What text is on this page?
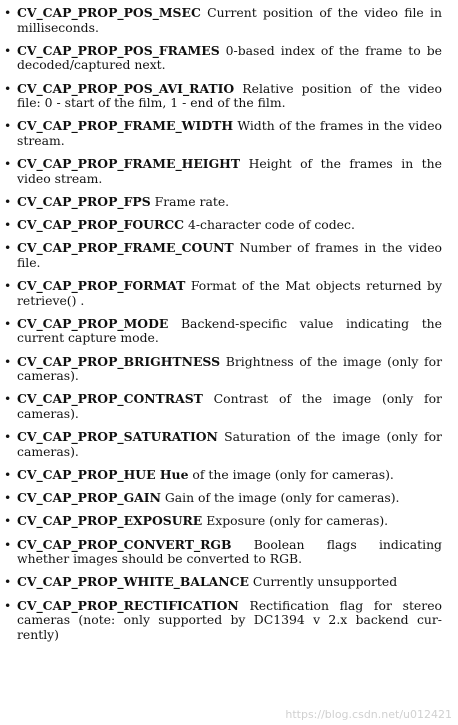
• CV_CAP_PROP_POS_MSEC Current position of the video file in milliseconds.
• CV_CAP_PROP_POS_FRAMES 0-based index of the frame to be decoded/captured next.
• CV_CAP_PROP_POS_AVI_RATIO Relative position of the video file: 0 - start of the film, 1 - end of the film.
• CV_CAP_PROP_FRAME_WIDTH Width of the frames in the video stream.
• CV_CAP_PROP_FRAME_HEIGHT Height of the frames in the video stream.
• CV_CAP_PROP_FPS Frame rate.
• CV_CAP_PROP_FOURCC 4-character code of codec.
• CV_CAP_PROP_FRAME_COUNT Number of frames in the video file.
• CV_CAP_PROP_FORMAT Format of the Mat objects returned by retrieve() .
• CV_CAP_PROP_MODE Backend-specific value indicating the current capture mode.
• CV_CAP_PROP_BRIGHTNESS Brightness of the image (only for cameras).
• CV_CAP_PROP_CONTRAST Contrast of the image (only for cameras).
• CV_CAP_PROP_SATURATION Saturation of the image (only for cameras).
• CV_CAP_PROP_HUE Hue of the image (only for cameras).
• CV_CAP_PROP_GAIN Gain of the image (only for cameras).
• CV_CAP_PROP_EXPOSURE Exposure (only for cameras).
• CV_CAP_PROP_CONVERT_RGB Boolean flags indicating whether images should be converted to RGB.
• CV_CAP_PROP_WHITE_BALANCE Currently unsupported
• CV_CAP_PROP_RECTIFICATION Rectification flag for stereo cameras (note: only supported by DC1394 v 2.x backend cur-rently)
https://blog.csdn.net/u012421
